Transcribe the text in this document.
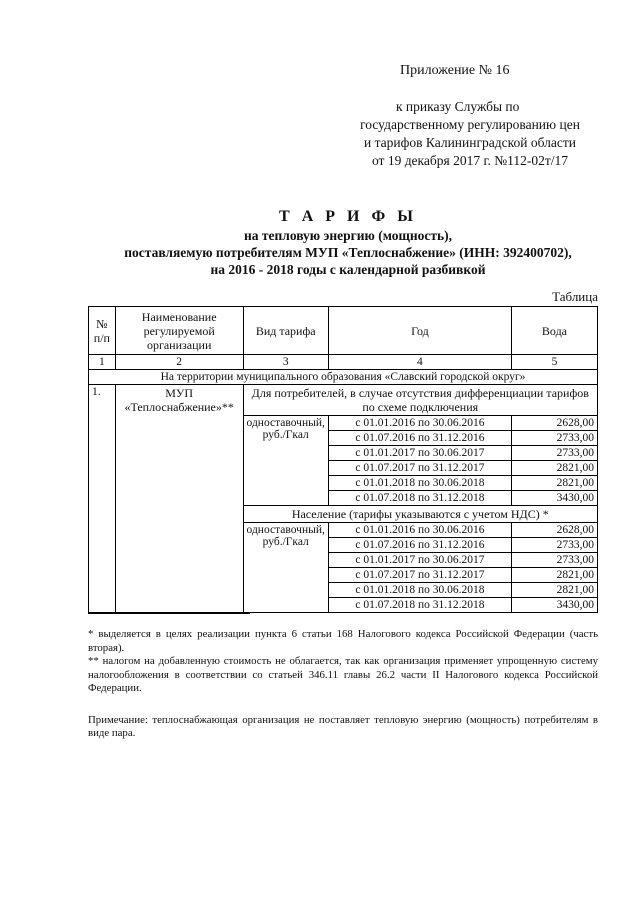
Приложение № 16
к приказу Службы по
государственному регулированию цен
и тарифов Калининградской области
от 19 декабря 2017 г. №112-02т/17
Т А Р И Ф Ы
на тепловую энергию (мощность),
поставляемую потребителям МУП «Теплоснабжение» (ИНН: 392400702),
на 2016 - 2018 годы с календарной разбивкой
Таблица
№ п/п	Наименование регулируемой организации	Вид тарифа	Год	Вода
1	2	3	4	5
На территории муниципального образования «Славский городской округ»				
1.	МУП «Теплоснабжение»**	Для потребителей, в случае отсутствия дифференциации тарифов по схеме подключения		
		одноставочный, руб./Гкал	с 01.01.2016 по 30.06.2016	2628,00
			с 01.07.2016 по 31.12.2016	2733,00
			с 01.01.2017 по 30.06.2017	2733,00
			с 01.07.2017 по 31.12.2017	2821,00
			с 01.01.2018 по 30.06.2018	2821,00
			с 01.07.2018 по 31.12.2018	3430,00
		Население (тарифы указываются с учетом НДС) *		
		одноставочный, руб./Гкал	с 01.01.2016 по 30.06.2016	2628,00
			с 01.07.2016 по 31.12.2016	2733,00
			с 01.01.2017 по 30.06.2017	2733,00
			с 01.07.2017 по 31.12.2017	2821,00
			с 01.01.2018 по 30.06.2018	2821,00
			с 01.07.2018 по 31.12.2018	3430,00

* выделяется в целях реализации пункта 6 статьи 168 Налогового кодекса Российской Федерации (часть вторая).

** налогом на добавленную стоимость не облагается, так как организация применяет упрощенную систему налогообложения в соответствии со статьей 346.11 главы 26.2 части II Налогового кодекса Российской Федерации.

Примечание: теплоснабжающая организация не поставляет тепловую энергию (мощность) потребителям в виде пара.
